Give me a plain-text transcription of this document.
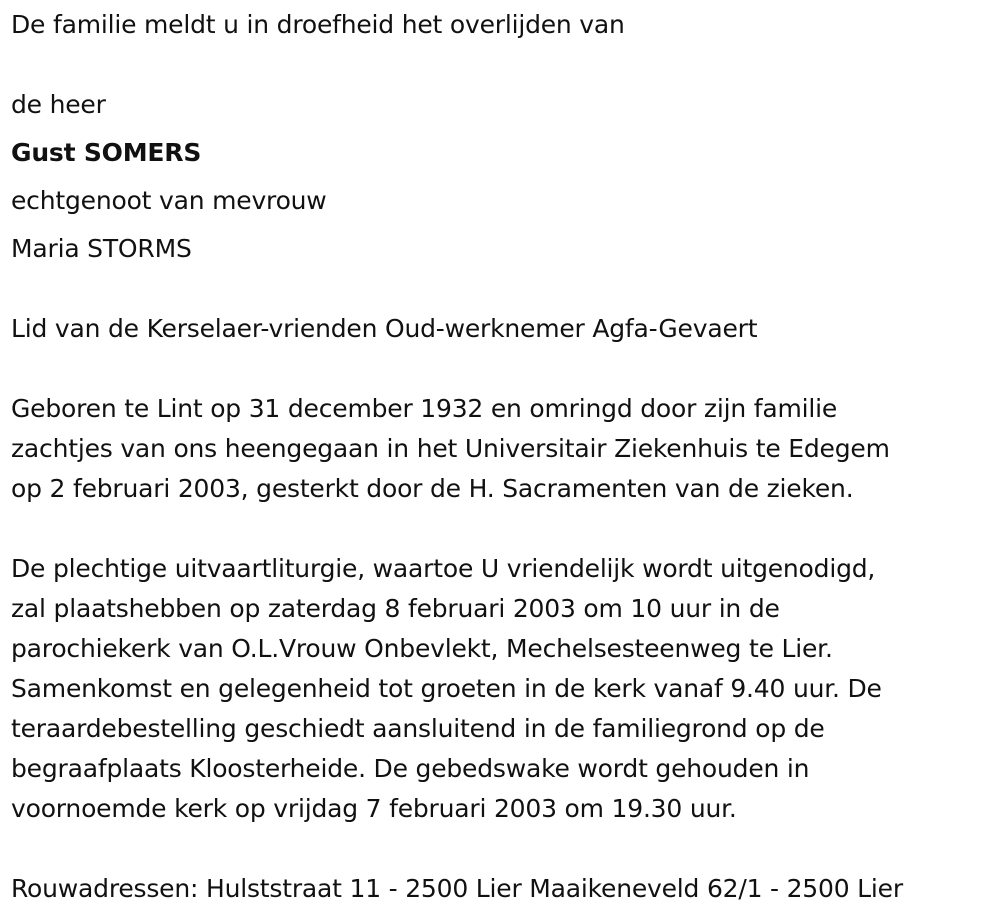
De familie meldt u in droefheid het overlijden van
de heer
Gust SOMERS
echtgenoot van mevrouw
Maria STORMS
Lid van de Kerselaer-vrienden Oud-werknemer Agfa-Gevaert
Geboren te Lint op 31 december 1932 en omringd door zijn familie
zachtjes van ons heengegaan in het Universitair Ziekenhuis te Edegem
op 2 februari 2003, gesterkt door de H. Sacramenten van de zieken.
De plechtige uitvaartliturgie, waartoe U vriendelijk wordt uitgenodigd,
zal plaatshebben op zaterdag 8 februari 2003 om 10 uur in de
parochiekerk van O.L.Vrouw Onbevlekt, Mechelsesteenweg te Lier.
Samenkomst en gelegenheid tot groeten in de kerk vanaf 9.40 uur. De
teraardebestelling geschiedt aansluitend in de familiegrond op de
begraafplaats Kloosterheide. De gebedswake wordt gehouden in
voornoemde kerk op vrijdag 7 februari 2003 om 19.30 uur.
Rouwadressen: Hulststraat 11 - 2500 Lier Maaikeneveld 62/1 - 2500 Lier
